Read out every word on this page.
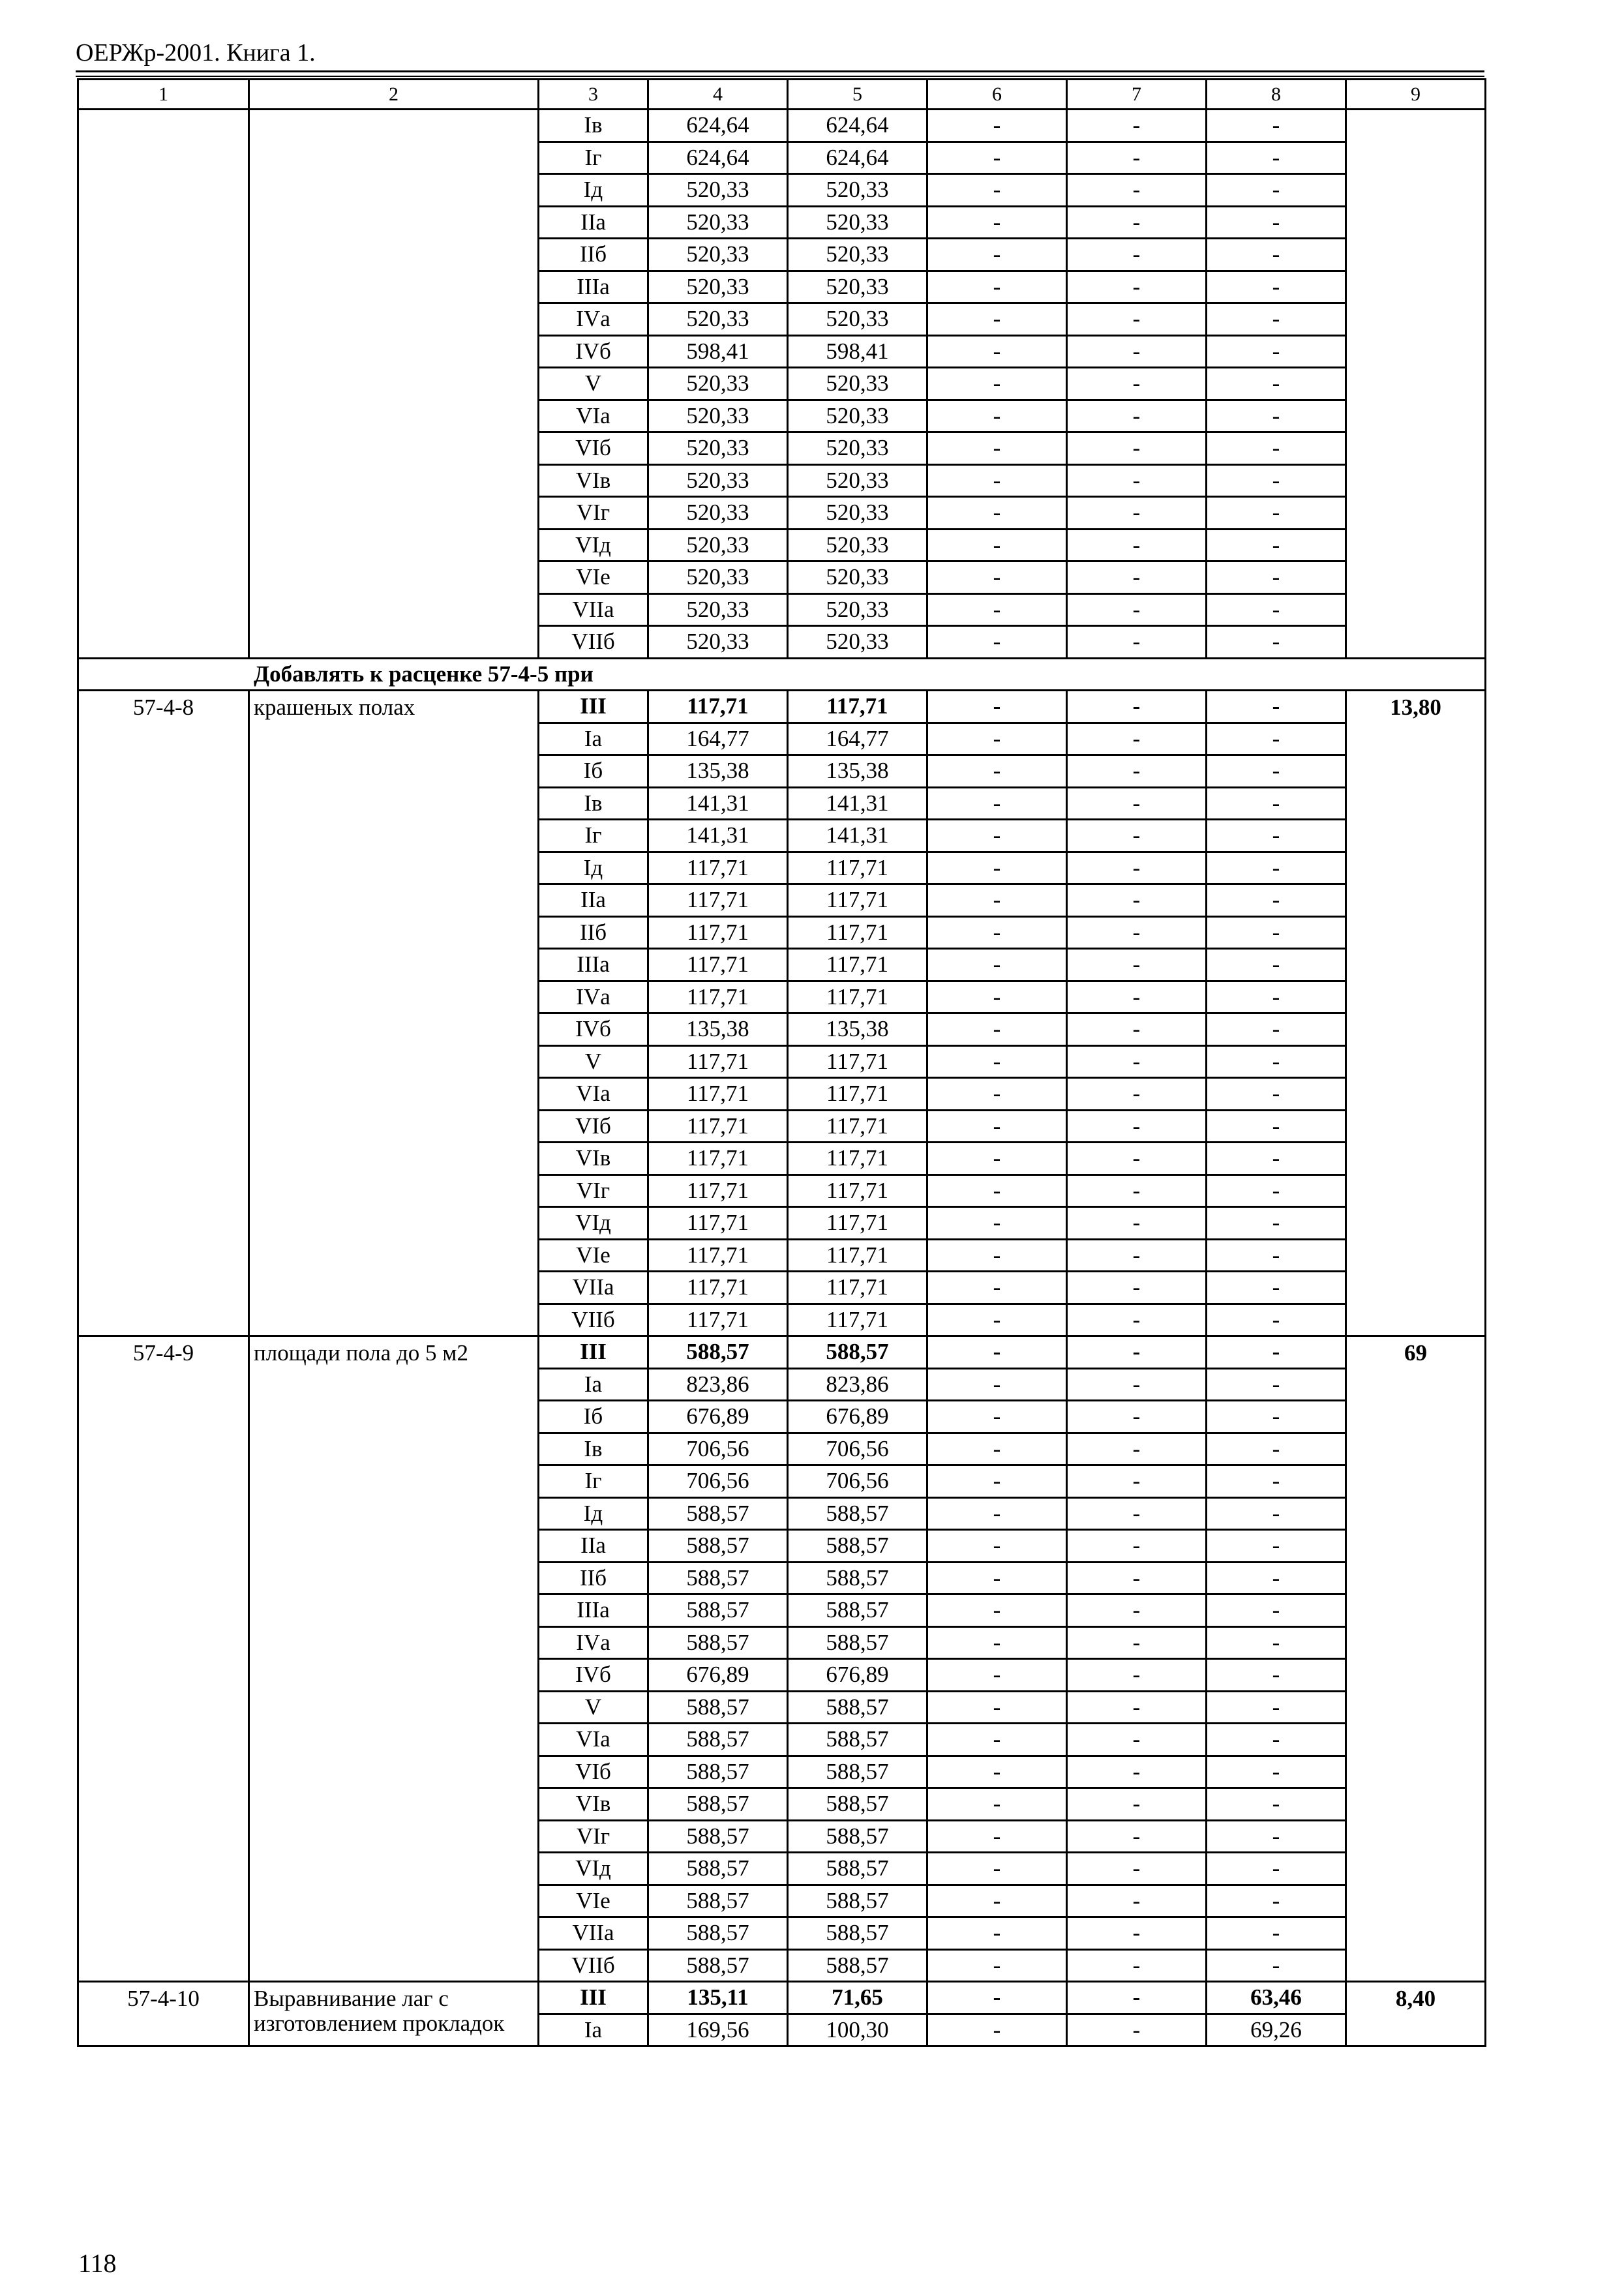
ОЕРЖр-2001. Книга 1.
1	2	3	4	5	6	7	8	9
		Iв	624,64	624,64	-	-	-	
		Iг	624,64	624,64	-	-	-	
		Iд	520,33	520,33	-	-	-	
		IIа	520,33	520,33	-	-	-	
		IIб	520,33	520,33	-	-	-	
		IIIа	520,33	520,33	-	-	-	
		IVа	520,33	520,33	-	-	-	
		IVб	598,41	598,41	-	-	-	
		V	520,33	520,33	-	-	-	
		VIа	520,33	520,33	-	-	-	
		VIб	520,33	520,33	-	-	-	
		VIв	520,33	520,33	-	-	-	
		VIг	520,33	520,33	-	-	-	
		VIд	520,33	520,33	-	-	-	
		VIе	520,33	520,33	-	-	-	
		VIIа	520,33	520,33	-	-	-	
		VIIб	520,33	520,33	-	-	-	
Добавлять к расценке 57-4-5 при								
57-4-8	крашеных полах	III	117,71	117,71	-	-	-	13,80
		Iа	164,77	164,77	-	-	-	
		Iб	135,38	135,38	-	-	-	
		Iв	141,31	141,31	-	-	-	
		Iг	141,31	141,31	-	-	-	
		Iд	117,71	117,71	-	-	-	
		IIа	117,71	117,71	-	-	-	
		IIб	117,71	117,71	-	-	-	
		IIIа	117,71	117,71	-	-	-	
		IVа	117,71	117,71	-	-	-	
		IVб	135,38	135,38	-	-	-	
		V	117,71	117,71	-	-	-	
		VIа	117,71	117,71	-	-	-	
		VIб	117,71	117,71	-	-	-	
		VIв	117,71	117,71	-	-	-	
		VIг	117,71	117,71	-	-	-	
		VIд	117,71	117,71	-	-	-	
		VIе	117,71	117,71	-	-	-	
		VIIа	117,71	117,71	-	-	-	
		VIIб	117,71	117,71	-	-	-	
57-4-9	площади пола до 5 м2	III	588,57	588,57	-	-	-	69
		Iа	823,86	823,86	-	-	-	
		Iб	676,89	676,89	-	-	-	
		Iв	706,56	706,56	-	-	-	
		Iг	706,56	706,56	-	-	-	
		Iд	588,57	588,57	-	-	-	
		IIа	588,57	588,57	-	-	-	
		IIб	588,57	588,57	-	-	-	
		IIIа	588,57	588,57	-	-	-	
		IVа	588,57	588,57	-	-	-	
		IVб	676,89	676,89	-	-	-	
		V	588,57	588,57	-	-	-	
		VIа	588,57	588,57	-	-	-	
		VIб	588,57	588,57	-	-	-	
		VIв	588,57	588,57	-	-	-	
		VIг	588,57	588,57	-	-	-	
		VIд	588,57	588,57	-	-	-	
		VIе	588,57	588,57	-	-	-	
		VIIа	588,57	588,57	-	-	-	
		VIIб	588,57	588,57	-	-	-	
57-4-10	Выравнивание лаг с изготовлением прокладок	III	135,11	71,65	-	-	63,46	8,40
		Iа	169,56	100,30	-	-	69,26	
118
